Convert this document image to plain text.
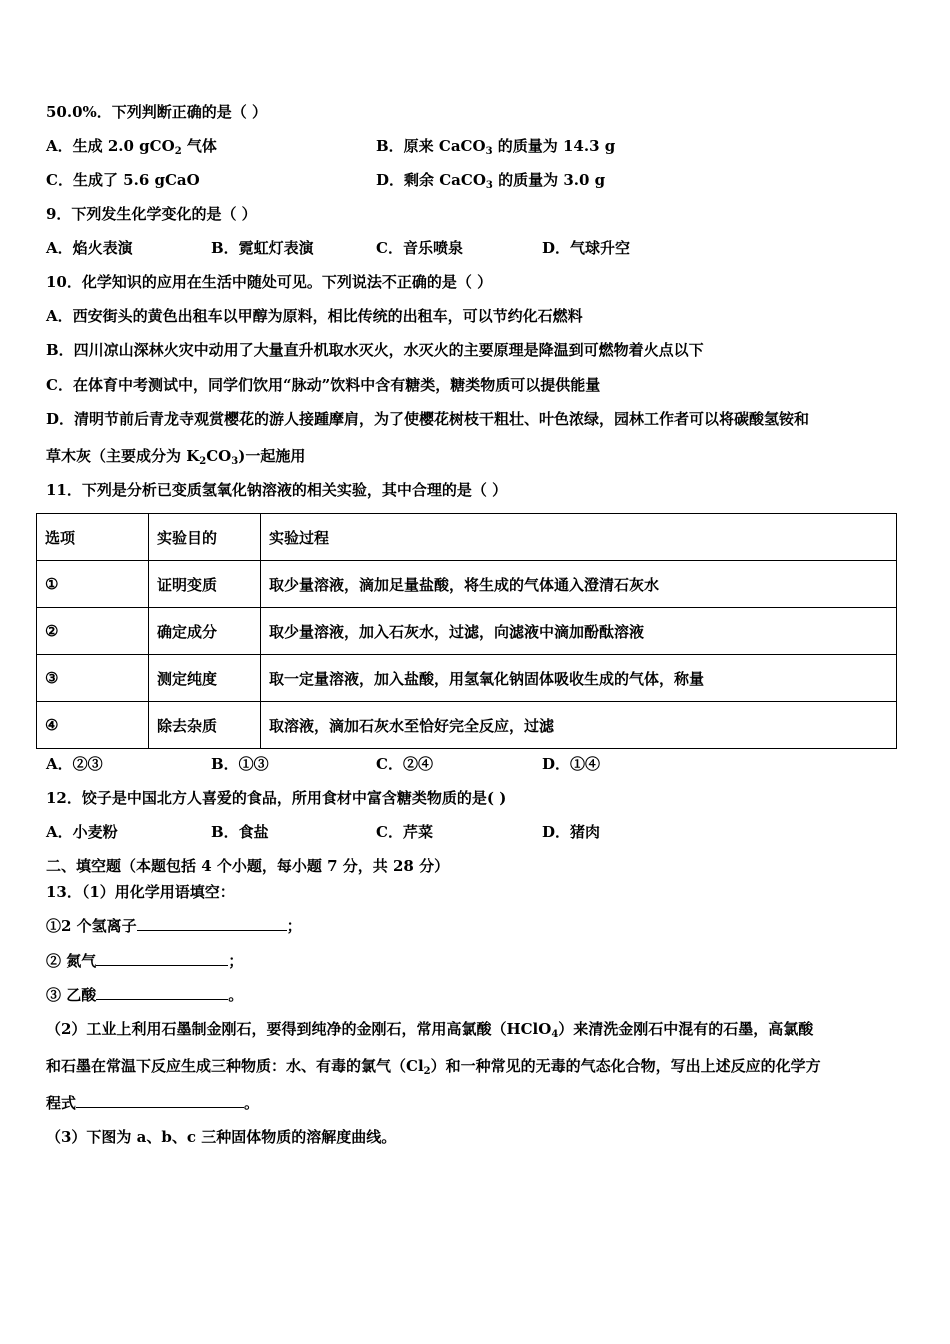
50.0%．下列判断正确的是（ ）
A．生成 2.0 gCO$_2$ 气体	B．原来 CaCO$_3$ 的质量为 14.3 g
C．生成了 5.6 gCaO	D．剩余 CaCO$_3$ 的质量为 3.0 g
9．下列发生化学变化的是（ ）
A．焰火表演	B．霓虹灯表演	C．音乐喷泉	D．气球升空
10．化学知识的应用在生活中随处可见。下列说法不正确的是（ ）
A．西安街头的黄色出租车以甲醇为原料，相比传统的出租车，可以节约化石燃料
B．四川凉山深林火灾中动用了大量直升机取水灭火，水灭火的主要原理是降温到可燃物着火点以下
C．在体育中考测试中，同学们饮用“脉动”饮料中含有糖类，糖类物质可以提供能量
D．清明节前后青龙寺观赏樱花的游人接踵摩肩，为了使樱花树枝干粗壮、叶色浓绿，园林工作者可以将碳酸氢铵和
草木灰（主要成分为 $K_2CO_3$)一起施用
11．下列是分析已变质氢氧化钠溶液的相关实验，其中合理的是（ ）
选项	实验目的	实验过程
①	证明变质	取少量溶液，滴加足量盐酸，将生成的气体通入澄清石灰水
②	确定成分	取少量溶液，加入石灰水，过滤，向滤液中滴加酚酞溶液
③	测定纯度	取一定量溶液，加入盐酸，用氢氧化钠固体吸收生成的气体，称量
④	除去杂质	取溶液，滴加石灰水至恰好完全反应，过滤
A．②③	B．①③	C．②④	D．①④
12．饺子是中国北方人喜爱的食品，所用食材中富含糖类物质的是( )
A．小麦粉	B．食盐	C．芹菜	D．猪肉
二、填空题（本题包括 4 个小题，每小题 7 分，共 28 分）
13．（1）用化学用语填空：
①2 个氢离子	；
② 氮气	；
③ 乙酸	。
（2）工业上利用石墨制金刚石，要得到纯净的金刚石，常用高氯酸（HClO$_4$）来清洗金刚石中混有的石墨，高氯酸
和石墨在常温下反应生成三种物质：水、有毒的氯气$(Cl_2)$和一种常见的无毒的气态化合物，写出上述反应的化学方
程式	。
（3）下图为 a、b、c 三种固体物质的溶解度曲线。
